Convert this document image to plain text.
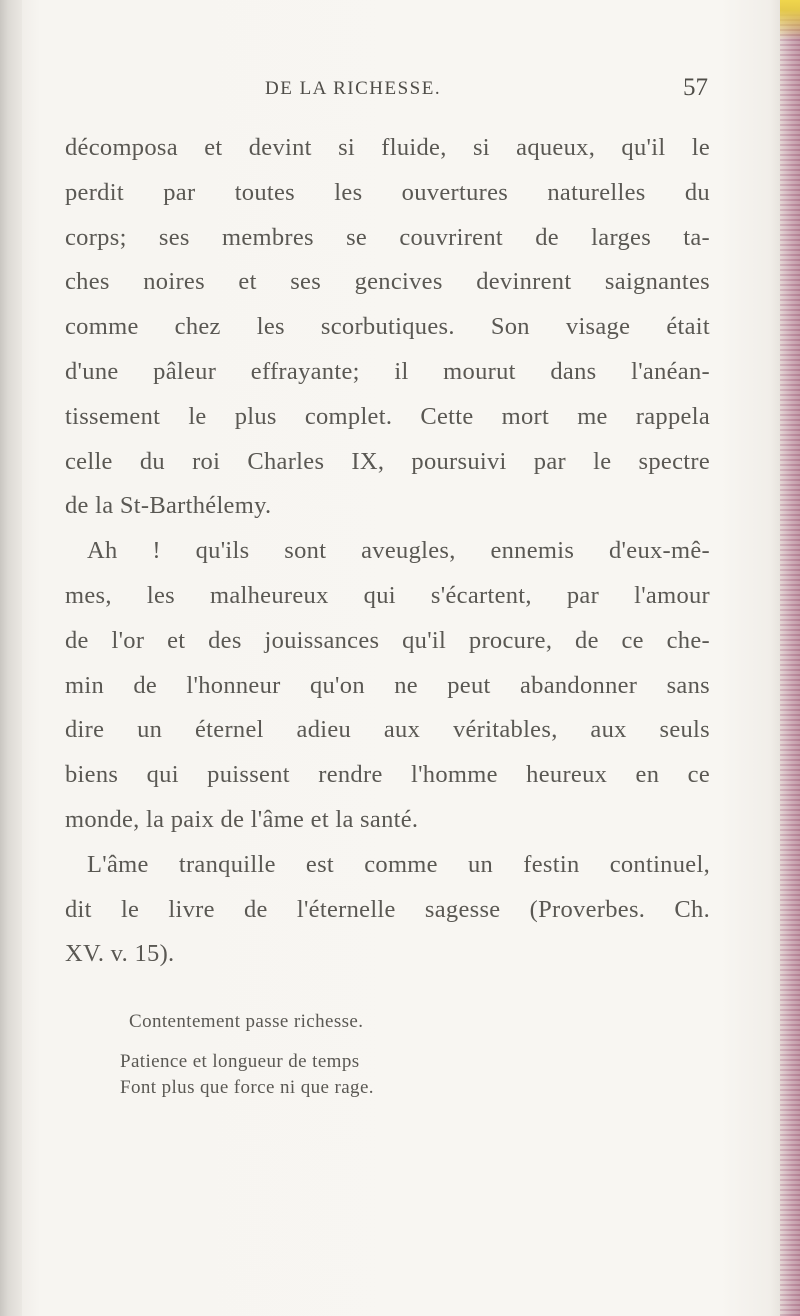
DE LA RICHESSE.	57
décomposa et devint si fluide, si aqueux, qu'il le
perdit par toutes les ouvertures naturelles du
corps; ses membres se couvrirent de larges ta-
ches noires et ses gencives devinrent saignantes
comme chez les scorbutiques. Son visage était
d'une pâleur effrayante; il mourut dans l'anéan-
tissement le plus complet. Cette mort me rappela
celle du roi Charles IX, poursuivi par le spectre
de la St-Barthélemy.
Ah ! qu'ils sont aveugles, ennemis d'eux-mê-
mes, les malheureux qui s'écartent, par l'amour
de l'or et des jouissances qu'il procure, de ce che-
min de l'honneur qu'on ne peut abandonner sans
dire un éternel adieu aux véritables, aux seuls
biens qui puissent rendre l'homme heureux en ce
monde, la paix de l'âme et la santé.
L'âme tranquille est comme un festin continuel,
dit le livre de l'éternelle sagesse (Proverbes. Ch.
XV. v. 15).
Contentement passe richesse.
Patience et longueur de temps
Font plus que force ni que rage.
